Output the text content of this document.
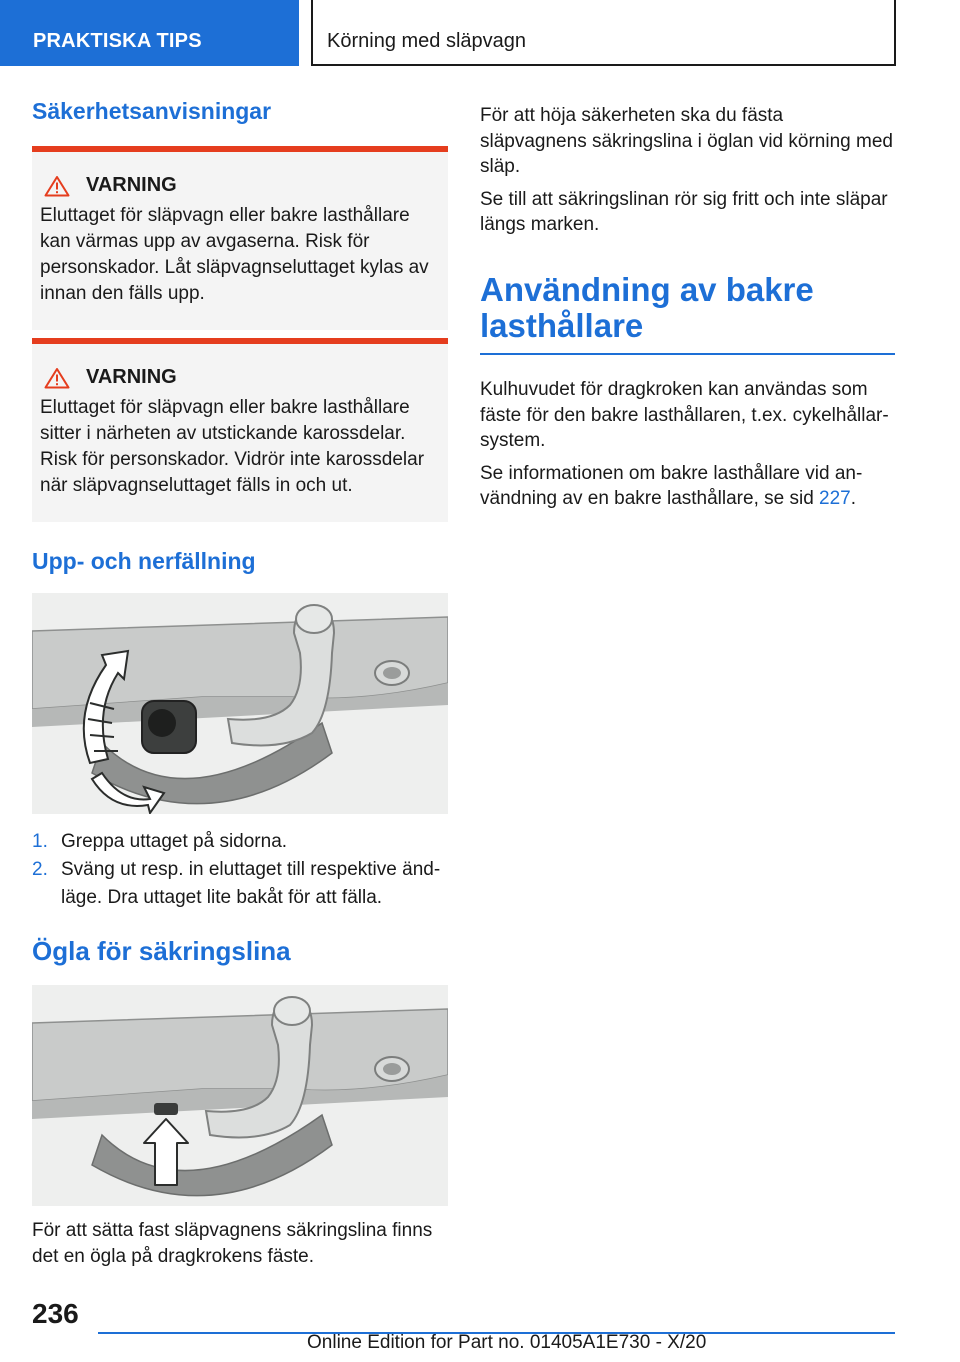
PRAKTISKA TIPS	Körning med släpvagn
Säkerhetsanvisningar
VARNING
Eluttaget för släpvagn eller bakre lasthållare kan värmas upp av avgaserna. Risk för personskador. Låt släpvagnseluttaget kylas av innan den fälls upp.
VARNING
Eluttaget för släpvagn eller bakre lasthållare sitter i närheten av utstickande karossdelar. Risk för personskador. Vidrör inte karossdelar när släpvagnseluttaget fälls in och ut.
Upp- och nerfällning
1. Greppa uttaget på sidorna.
2. Sväng ut resp. in eluttaget till respektive ändläge. Dra uttaget lite bakåt för att fälla.
Ögla för säkringslina

För att sätta fast släpvagnens säkringslina finns det en ögla på dragkrokens fäste.

För att höja säkerheten ska du fästa släpvagnens säkringslina i öglan vid körning med släp.

Se till att säkringslinan rör sig fritt och inte släpar längs marken.

Användning av bakre lasthållare

Kulhuvudet för dragkroken kan användas som fäste för den bakre lasthållaren, t.ex. cykelhållarsystem.

Se informationen om bakre lasthållare vid användning av en bakre lasthållare, se sid 227.

236
Online Edition for Part no. 01405A1E730 - X/20
